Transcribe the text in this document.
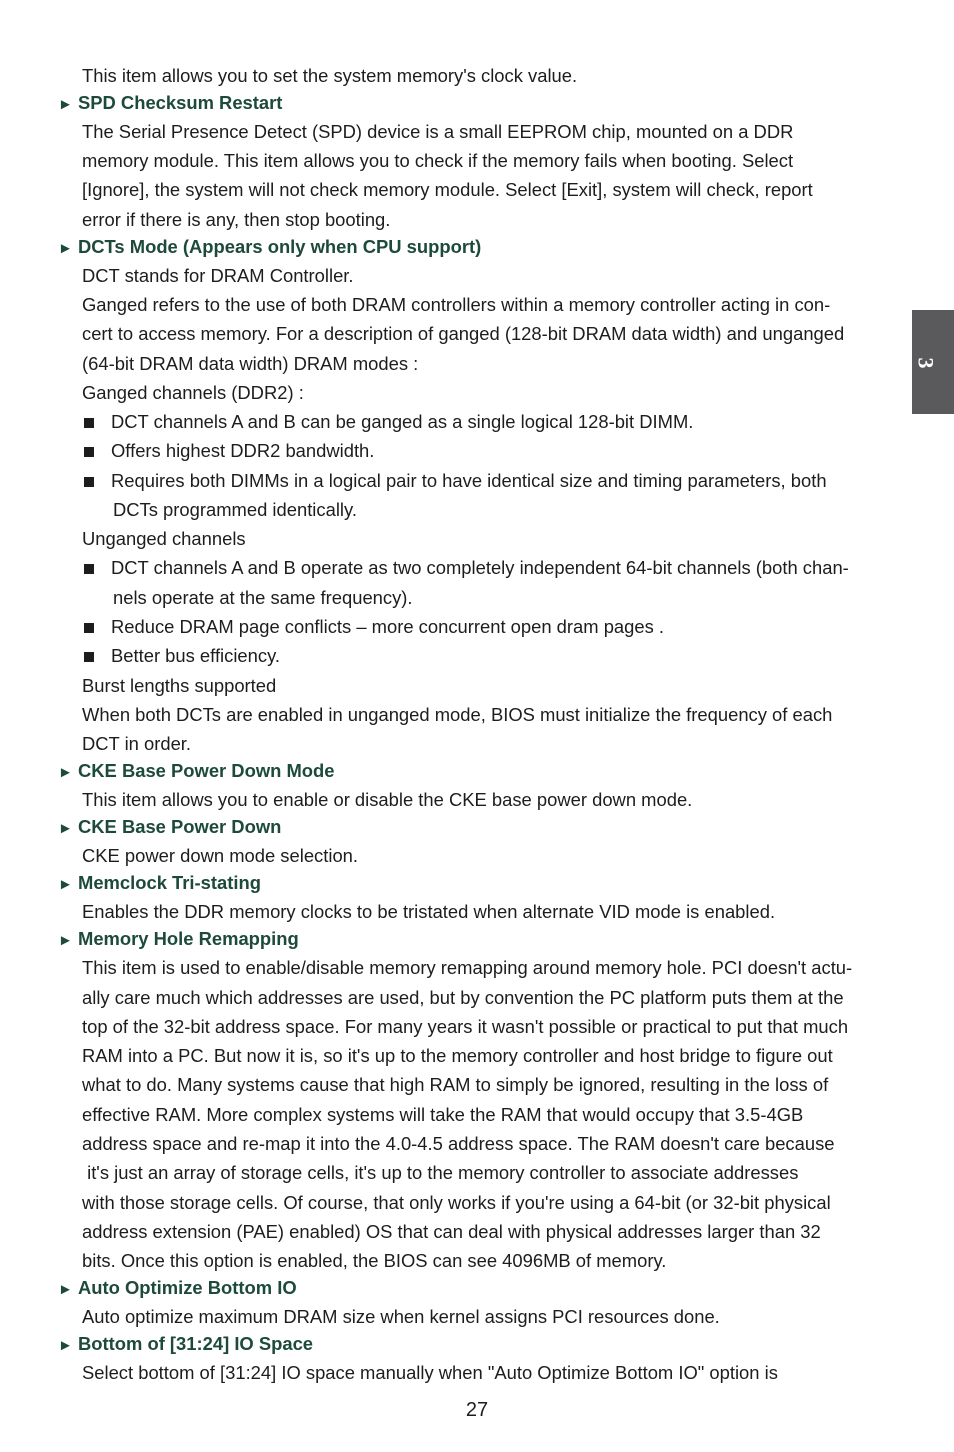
This item allows you to set the system memory's clock value.
► SPD Checksum Restart
The Serial Presence Detect (SPD) device is a small EEPROM chip, mounted on a DDR
memory module. This item allows you to check if the memory fails when booting. Select
[Ignore], the system will not check memory module. Select [Exit], system will check, report
error if there is any, then stop booting.
► DCTs Mode (Appears only when CPU support)
DCT stands for DRAM Controller.
Ganged refers to the use of both DRAM controllers within a memory controller acting in con-
cert to access memory. For a description of ganged (128-bit DRAM data width) and unganged
(64-bit DRAM data width) DRAM modes :
Ganged channels (DDR2) :
DCT channels A and B can be ganged as a single logical 128-bit DIMM.
Offers highest DDR2 bandwidth.
Requires both DIMMs in a logical pair to have identical size and timing parameters, both
DCTs programmed identically.
Unganged channels
DCT channels A and B operate as two completely independent 64-bit channels (both chan-
nels operate at the same frequency).
Reduce DRAM page conflicts – more concurrent open dram pages .
Better bus efficiency.
Burst lengths supported
When both DCTs are enabled in unganged mode, BIOS must initialize the frequency of each
DCT in order.
► CKE Base Power Down Mode
This item allows you to enable or disable the CKE base power down mode.
► CKE Base Power Down
CKE power down mode selection.
► Memclock Tri-stating
Enables the DDR memory clocks to be tristated when alternate VID mode is enabled.
► Memory Hole Remapping
This item is used to enable/disable memory remapping around memory hole. PCI doesn't actu-
ally care much which addresses are used, but by convention the PC platform puts them at the
top of the 32-bit address space. For many years it wasn't possible or practical to put that much
RAM into a PC. But now it is, so it's up to the memory controller and host bridge to figure out
what to do. Many systems cause that high RAM to simply be ignored, resulting in the loss of
effective RAM. More complex systems will take the RAM that would occupy that 3.5-4GB
address space and re-map it into the 4.0-4.5 address space. The RAM doesn't care because
it's just an array of storage cells, it's up to the memory controller to associate addresses
with those storage cells. Of course, that only works if you're using a 64-bit (or 32-bit physical
address extension (PAE) enabled) OS that can deal with physical addresses larger than 32
bits. Once this option is enabled, the BIOS can see 4096MB of memory.
► Auto Optimize Bottom IO
Auto optimize maximum DRAM size when kernel assigns PCI resources done.
► Bottom of [31:24] IO Space
Select bottom of [31:24] IO space manually when "Auto Optimize Bottom IO" option is
3
27
